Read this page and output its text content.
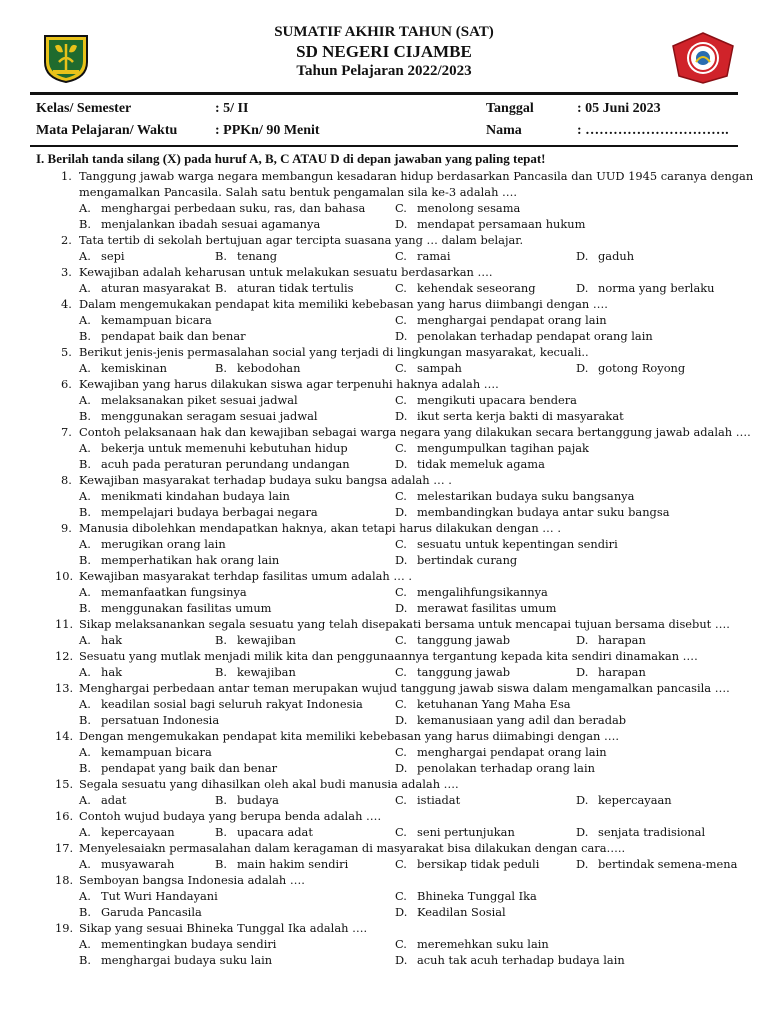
SUMATIF AKHIR TAHUN (SAT)
SD NEGERI CIJAMBE
Tahun Pelajaran 2022/2023
Kelas/ Semester	: 5/ II	Tanggal	: 05 Juni 2023
Mata Pelajaran/ Waktu	: PPKn/ 90 Menit	Nama	: ………………………….
I. Berilah tanda silang (X) pada huruf A, B, C ATAU D di depan jawaban yang paling tepat!
1. Tanggung jawab warga negara membangun kesadaran hidup berdasarkan Pancasila dan UUD 1945 caranya dengan
mengamalkan Pancasila. Salah satu bentuk pengamalan sila ke-3 adalah ….
A. menghargai perbedaan suku, ras, dan bahasa	C. menolong sesama
B. menjalankan ibadah sesuai agamanya	D. mendapat persamaan hukum
2. Tata tertib di sekolah bertujuan agar tercipta suasana yang … dalam belajar.
A. sepi	B. tenang	C. ramai	D. gaduh
3. Kewajiban adalah keharusan untuk melakukan sesuatu berdasarkan ….
A. aturan masyarakat B. aturan tidak tertulis	C. kehendak seseorang	D. norma yang berlaku
4. Dalam mengemukakan pendapat kita memiliki kebebasan yang harus diimbangi dengan ….
A. kemampuan bicara	C. menghargai pendapat orang lain
B. pendapat baik dan benar	D. penolakan terhadap pendapat orang lain
5. Berikut jenis-jenis permasalahan social yang terjadi di lingkungan masyarakat, kecuali..
A. kemiskinan	B. kebodohan	C. sampah	D. gotong Royong
6. Kewajiban yang harus dilakukan siswa agar terpenuhi haknya adalah ….
A. melaksanakan piket sesuai jadwal	C. mengikuti upacara bendera
B. menggunakan seragam sesuai jadwal	D. ikut serta kerja bakti di masyarakat
7. Contoh pelaksanaan hak dan kewajiban sebagai warga negara yang dilakukan secara bertanggung jawab adalah ….
A. bekerja untuk memenuhi kebutuhan hidup	C. mengumpulkan tagihan pajak
B. acuh pada peraturan perundang undangan	D. tidak memeluk agama
8. Kewajiban masyarakat terhadap budaya suku bangsa adalah … .
A. menikmati kindahan budaya lain	C. melestarikan budaya suku bangsanya
B. mempelajari budaya berbagai negara	D. membandingkan budaya antar suku bangsa
9. Manusia dibolehkan mendapatkan haknya, akan tetapi harus dilakukan dengan … .
A. merugikan orang lain	C. sesuatu untuk kepentingan sendiri
B. memperhatikan hak orang lain	D. bertindak curang
10. Kewajiban masyarakat terhdap fasilitas umum adalah … .
A. memanfaatkan fungsinya	C. mengalihfungsikannya
B. menggunakan fasilitas umum	D. merawat fasilitas umum
11. Sikap melaksanankan segala sesuatu yang telah disepakati bersama untuk mencapai tujuan bersama disebut ….
A. hak	B. kewajiban	C. tanggung jawab	D. harapan
12. Sesuatu yang mutlak menjadi milik kita dan penggunaannya tergantung kepada kita sendiri dinamakan ….
A. hak	B. kewajiban	C. tanggung jawab	D. harapan
13. Menghargai perbedaan antar teman merupakan wujud tanggung jawab siswa dalam mengamalkan pancasila ….
A. keadilan sosial bagi seluruh rakyat Indonesia	C. ketuhanan Yang Maha Esa
B. persatuan Indonesia	D. kemanusiaan yang adil dan beradab
14. Dengan mengemukakan pendapat kita memiliki kebebasan yang harus diimabingi dengan ….
A. kemampuan bicara	C. menghargai pendapat orang lain
B. pendapat yang baik dan benar	D. penolakan terhadap orang lain
15. Segala sesuatu yang dihasilkan oleh akal budi manusia adalah ….
A. adat	B. budaya	C. istiadat	D. kepercayaan
16. Contoh wujud budaya yang berupa benda adalah ….
A. kepercayaan	B. upacara adat	C. seni pertunjukan	D. senjata tradisional
17. Menyelesaiakn permasalahan dalam keragaman di masyarakat bisa dilakukan dengan cara…..
A. musyawarah	B. main hakim sendiri	C. bersikap tidak peduli	D. bertindak semena-mena
18. Semboyan bangsa Indonesia adalah ….
A. Tut Wuri Handayani	C. Bhineka Tunggal Ika
B. Garuda Pancasila	D. Keadilan Sosial
19. Sikap yang sesuai Bhineka Tunggal Ika adalah ….
A. mementingkan budaya sendiri	C. meremehkan suku lain
B. menghargai budaya suku lain	D. acuh tak acuh terhadap budaya lain
